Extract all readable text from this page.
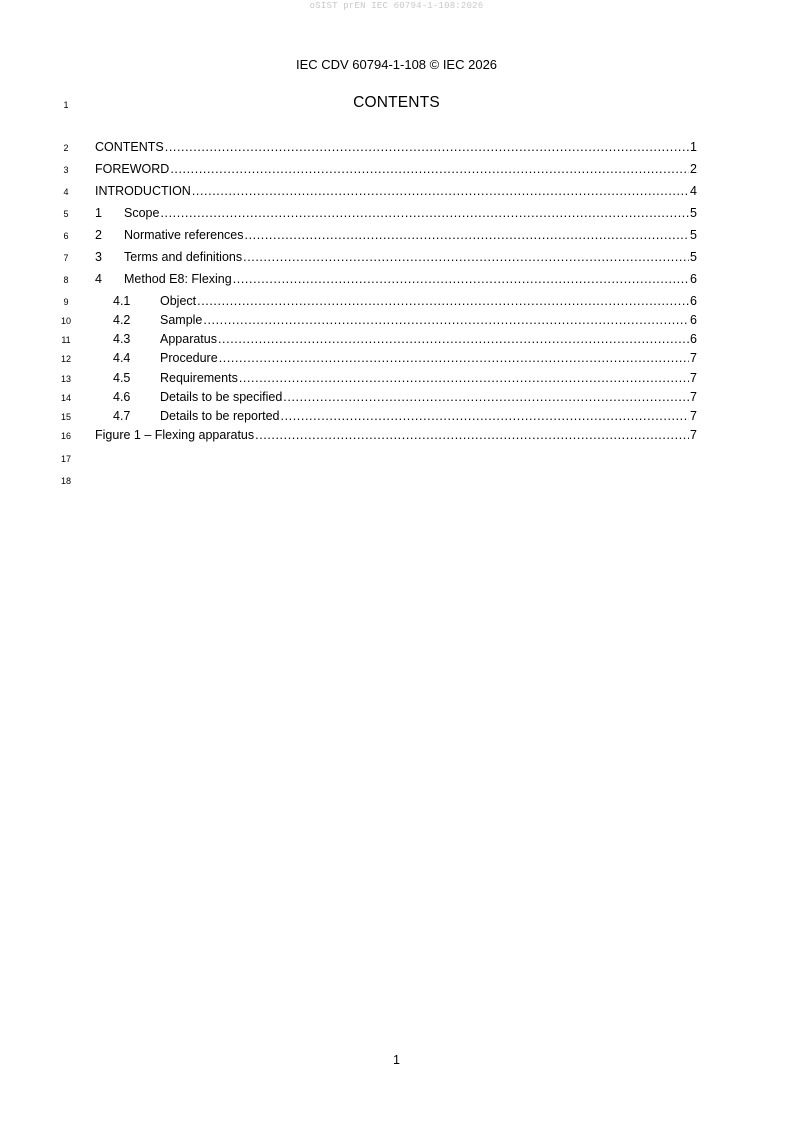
oSIST prEN IEC 60794-1-108:2026
IEC CDV 60794-1-108 © IEC 2026
1
2
3
4
5
6
7
8
9
10
11
12
13
14
15
16
17
18
CONTENTS
CONTENTS .....	1
FOREWORD .....	2
INTRODUCTION .....	4
1	Scope .....	5
2	Normative references .....	5
3	Terms and definitions .....	5
4	Method E8: Flexing .....	6
4.1	Object .....	6
4.2	Sample .....	6
4.3	Apparatus .....	6
4.4	Procedure .....	7
4.5	Requirements .....	7
4.6	Details to be specified .....	7
4.7	Details to be reported .....	7
Figure 1 – Flexing apparatus .....	7
1
